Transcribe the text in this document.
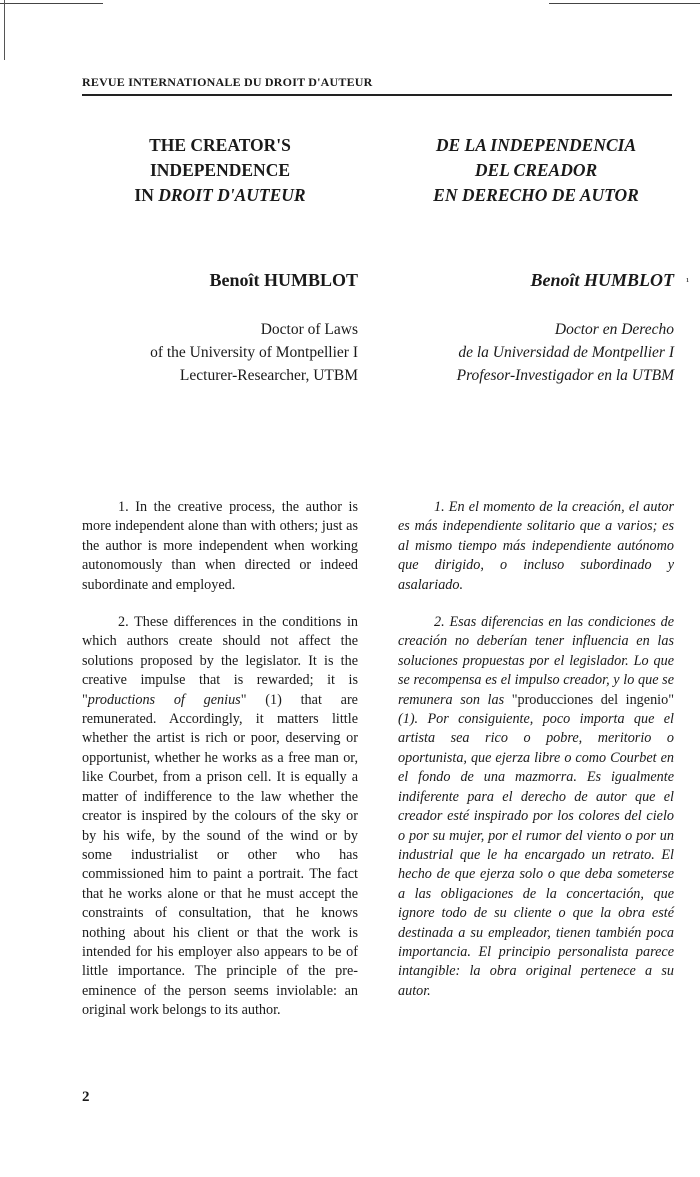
REVUE INTERNATIONALE DU DROIT D'AUTEUR
THE CREATOR'S
INDEPENDENCE
IN DROIT D'AUTEUR
DE LA INDEPENDENCIA
DEL CREADOR
EN DERECHO DE AUTOR
Benoît HUMBLOT	Benoît HUMBLOT ¹
Doctor of Laws
of the University of Montpellier I
Lecturer-Researcher, UTBM
Doctor en Derecho
de la Universidad de Montpellier I
Profesor-Investigador en la UTBM

1. In the creative process, the author is more independent alone than with others; just as the author is more independent when working autonomously than when directed or indeed subordinate and employed.

2. These differences in the conditions in which authors create should not affect the solutions proposed by the legislator. It is the creative impulse that is rewarded; it is "productions of genius" (1) that are remunerated. Accordingly, it matters little whether the artist is rich or poor, deserving or opportunist, whether he works as a free man or, like Courbet, from a prison cell. It is equally a matter of indifference to the law whether the creator is inspired by the colours of the sky or by his wife, by the sound of the wind or by some industrialist or other who has commissioned him to paint a portrait. The fact that he works alone or that he must accept the constraints of consultation, that he knows nothing about his client or that the work is intended for his employer also appears to be of little importance. The principle of the pre-eminence of the person seems inviolable: an original work belongs to its author.

1. En el momento de la creación, el autor es más independiente solitario que a varios; es al mismo tiempo más independiente autónomo que dirigido, o incluso subordinado y asalariado.

2. Esas diferencias en las condiciones de creación no deberían tener influencia en las soluciones propuestas por el legislador. Lo que se recompensa es el impulso creador, y lo que se remunera son las "producciones del ingenio" (1). Por consiguiente, poco importa que el artista sea rico o pobre, meritorio o oportunista, que ejerza libre o como Courbet en el fondo de una mazmorra. Es igualmente indiferente para el derecho de autor que el creador esté inspirado por los colores del cielo o por su mujer, por el rumor del viento o por un industrial que le ha encargado un retrato. El hecho de que ejerza solo o que deba someterse a las obligaciones de la concertación, que ignore todo de su cliente o que la obra esté destinada a su empleador, tienen también poca importancia. El principio personalista parece intangible: la obra original pertenece a su autor.

2
